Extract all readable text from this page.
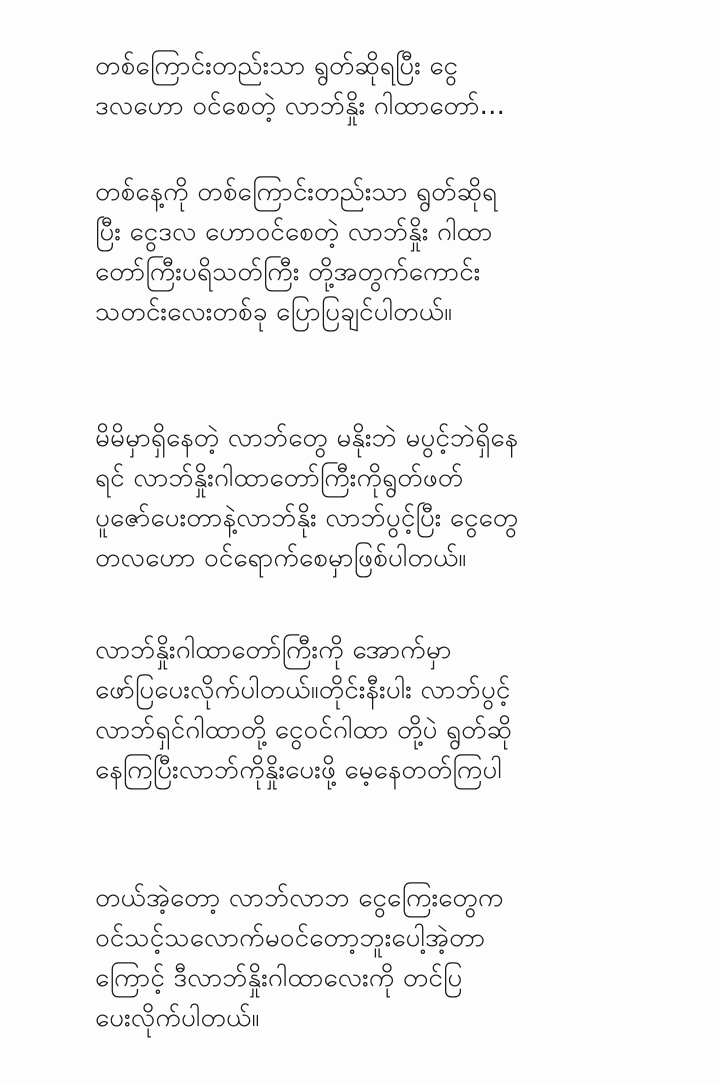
တစ်ကြောင်းတည်းသာ ရွတ်ဆိုရပြီး ငွေ
ဒလဟော ဝင်စေတဲ့ လာဘ်နှိုး ဂါထာတော်...

တစ်နေ့ကို တစ်ကြောင်းတည်းသာ ရွတ်ဆိုရ
ပြီး ငွေဒလ ဟောဝင်စေတဲ့ လာဘ်နှိုး ဂါထာ
တော်ကြီးပရိသတ်ကြီး တို့အတွက်ကောင်း
သတင်းလေးတစ်ခု ပြောပြချင်ပါတယ်။

မိမိမှာရှိနေတဲ့ လာဘ်တွေ မနိုးဘဲ မပွင့်ဘဲရှိနေ
ရင် လာဘ်နှိုးဂါထာတော်ကြီးကိုရွတ်ဖတ်
ပူဇော်ပေးတာနဲ့လာဘ်နိုး လာဘ်ပွင့်ပြီး ငွေတွေ
တလဟော ဝင်ရောက်စေမှာဖြစ်ပါတယ်။

လာဘ်နှိုးဂါထာတော်ကြီးကို အောက်မှာ
ဖော်ပြပေးလိုက်ပါတယ်။တိုင်းနီးပါး လာဘ်ပွင့်
လာဘ်ရှင်ဂါထာတို့ ငွေဝင်ဂါထာ တို့ပဲ ရွတ်ဆို
နေကြပြီးလာဘ်ကိုနှိုးပေးဖို့ မေ့နေတတ်ကြပါ

တယ်အဲ့တော့ လာဘ်လာဘ ငွေကြေးတွေက
ဝင်သင့်သလောက်မဝင်တော့ဘူးပေါ့အဲ့တာ
ကြောင့် ဒီလာဘ်နှိုးဂါထာလေးကို တင်ပြ
ပေးလိုက်ပါတယ်။
